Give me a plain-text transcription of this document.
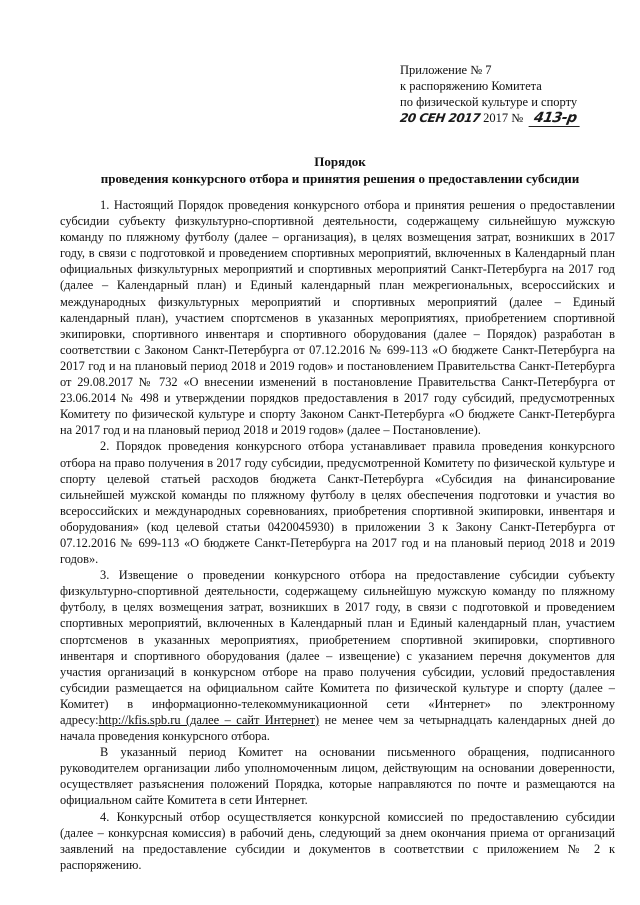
Приложение № 7
к распоряжению Комитета
по физической культуре и спорту
20 СЕН 2017 2017 № 413-р
Порядок
проведения конкурсного отбора и принятия решения о предоставлении субсидии

1. Настоящий Порядок проведения конкурсного отбора и принятия решения о предоставлении субсидии субъекту физкультурно-спортивной деятельности, содержащему сильнейшую мужскую команду по пляжному футболу (далее – организация), в целях возмещения затрат, возникших в 2017 году, в связи с подготовкой и проведением спортивных мероприятий, включенных в Календарный план официальных физкультурных мероприятий и спортивных мероприятий Санкт-Петербурга на 2017 год (далее – Календарный план) и Единый календарный план межрегиональных, всероссийских и международных физкультурных мероприятий и спортивных мероприятий (далее – Единый календарный план), участием спортсменов в указанных мероприятиях, приобретением спортивной экипировки, спортивного инвентаря и спортивного оборудования (далее – Порядок) разработан в соответствии с Законом Санкт-Петербурга от 07.12.2016 № 699-113 «О бюджете Санкт-Петербурга на 2017 год и на плановый период 2018 и 2019 годов» и постановлением Правительства Санкт-Петербурга от 29.08.2017 № 732 «О внесении изменений в постановление Правительства Санкт-Петербурга от 23.06.2014 № 498 и утверждении порядков предоставления в 2017 году субсидий, предусмотренных Комитету по физической культуре и спорту Законом Санкт-Петербурга «О бюджете Санкт-Петербурга на 2017 год и на плановый период 2018 и 2019 годов» (далее – Постановление).

2. Порядок проведения конкурсного отбора устанавливает правила проведения конкурсного отбора на право получения в 2017 году субсидии, предусмотренной Комитету по физической культуре и спорту целевой статьей расходов бюджета Санкт-Петербурга «Субсидия на финансирование сильнейшей мужской команды по пляжному футболу в целях обеспечения подготовки и участия во всероссийских и международных соревнованиях, приобретения спортивной экипировки, инвентаря и оборудования» (код целевой статьи 0420045930) в приложении 3 к Закону Санкт-Петербурга от 07.12.2016 № 699-113 «О бюджете Санкт-Петербурга на 2017 год и на плановый период 2018 и 2019 годов».

3. Извещение о проведении конкурсного отбора на предоставление субсидии субъекту физкультурно-спортивной деятельности, содержащему сильнейшую мужскую команду по пляжному футболу, в целях возмещения затрат, возникших в 2017 году, в связи с подготовкой и проведением спортивных мероприятий, включенных в Календарный план и Единый календарный план, участием спортсменов в указанных мероприятиях, приобретением спортивной экипировки, спортивного инвентаря и спортивного оборудования (далее – извещение) с указанием перечня документов для участия организаций в конкурсном отборе на право получения субсидии, условий предоставления субсидии размещается на официальном сайте Комитета по физической культуре и спорту (далее – Комитет) в информационно-телекоммуникационной сети «Интернет» по электронному адресу:http://kfis.spb.ru (далее – сайт Интернет) не менее чем за четырнадцать календарных дней до начала проведения конкурсного отбора.

В указанный период Комитет на основании письменного обращения, подписанного руководителем организации либо уполномоченным лицом, действующим на основании доверенности, осуществляет разъяснения положений Порядка, которые направляются по почте и размещаются на официальном сайте Комитета в сети Интернет.

4. Конкурсный отбор осуществляется конкурсной комиссией по предоставлению субсидии (далее – конкурсная комиссия) в рабочий день, следующий за днем окончания приема от организаций заявлений на предоставление субсидии и документов в соответствии с приложением № 2 к распоряжению.
